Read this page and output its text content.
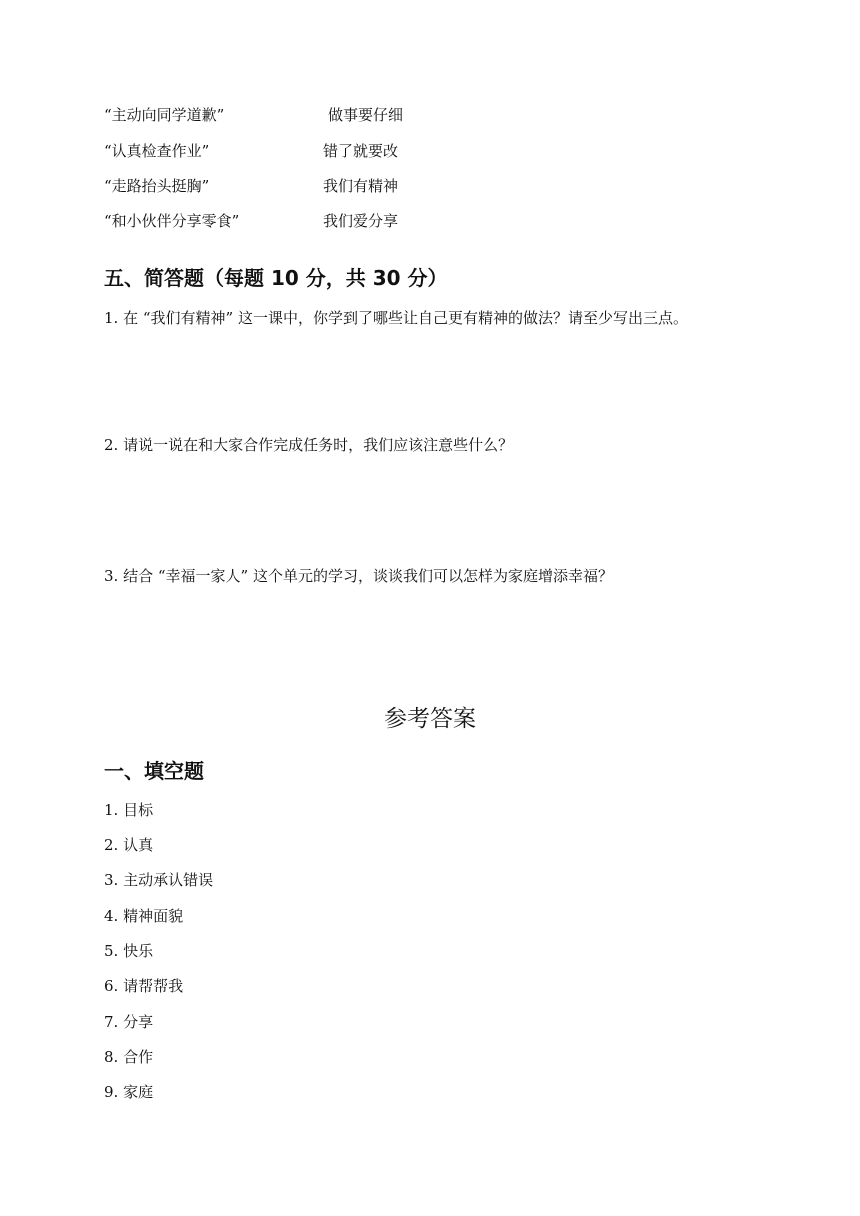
“主动向同学道歉”	做事要仔细
“认真检查作业”	错了就要改
“走路抬头挺胸”	我们有精神
“和小伙伴分享零食”	我们爱分享
五、简答题（每题 10 分，共 30 分）
1. 在 “我们有精神” 这一课中，你学到了哪些让自己更有精神的做法？请至少写出三点。
2. 请说一说在和大家合作完成任务时，我们应该注意些什么？
3. 结合 “幸福一家人” 这个单元的学习，谈谈我们可以怎样为家庭增添幸福？
参考答案
一、填空题
1. 目标
2. 认真
3. 主动承认错误
4. 精神面貌
5. 快乐
6. 请帮帮我
7. 分享
8. 合作
9. 家庭
